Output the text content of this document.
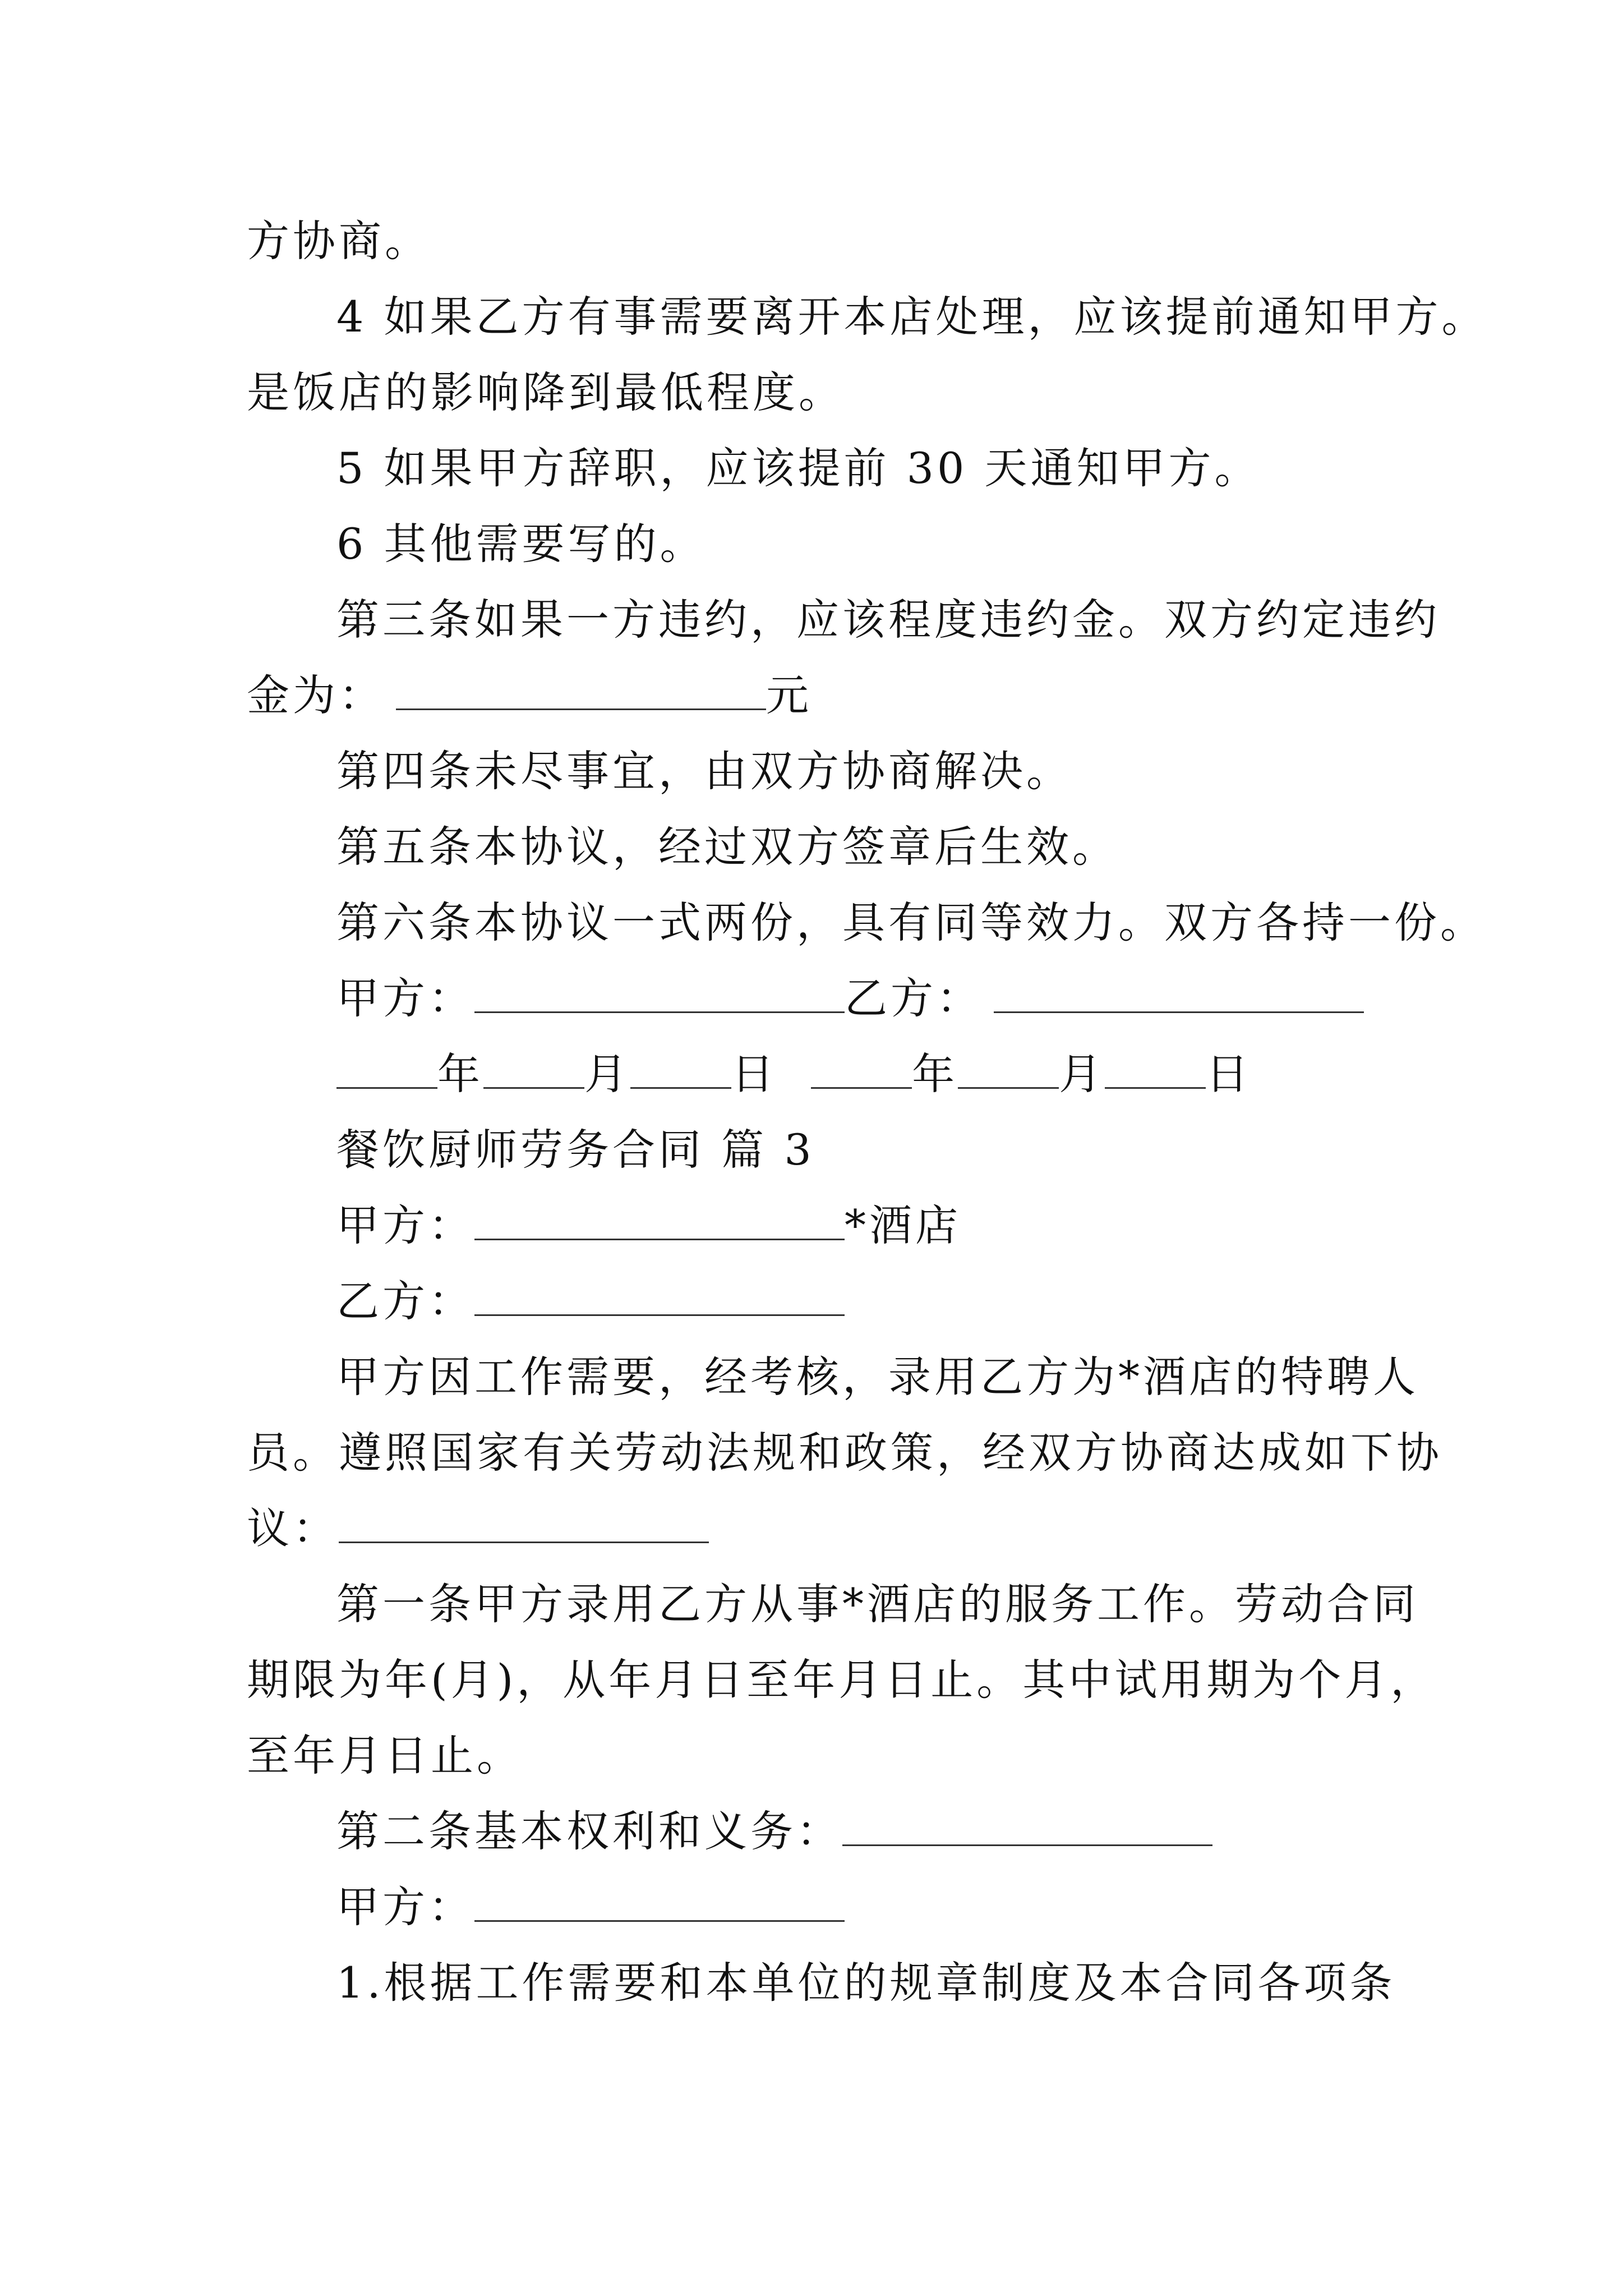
方协商。
4 如果乙方有事需要离开本店处理，应该提前通知甲方。
是饭店的影响降到最低程度。
5 如果甲方辞职，应该提前 30 天通知甲方。
6 其他需要写的。
第三条如果一方违约，应该程度违约金。双方约定违约
金为：	元
第四条未尽事宜，由双方协商解决。
第五条本协议，经过双方签章后生效。
第六条本协议一式两份，具有同等效力。双方各持一份。
甲方：	乙方：
年 月 日	年 月 日
餐饮厨师劳务合同 篇 3
甲方：	*酒店
乙方：
甲方因工作需要，经考核，录用乙方为*酒店的特聘人
员。遵照国家有关劳动法规和政策，经双方协商达成如下协
议：
第一条甲方录用乙方从事*酒店的服务工作。劳动合同
期限为年(月)，从年月日至年月日止。其中试用期为个月，
至年月日止。
第二条基本权利和义务：
甲方：
1.根据工作需要和本单位的规章制度及本合同各项条
